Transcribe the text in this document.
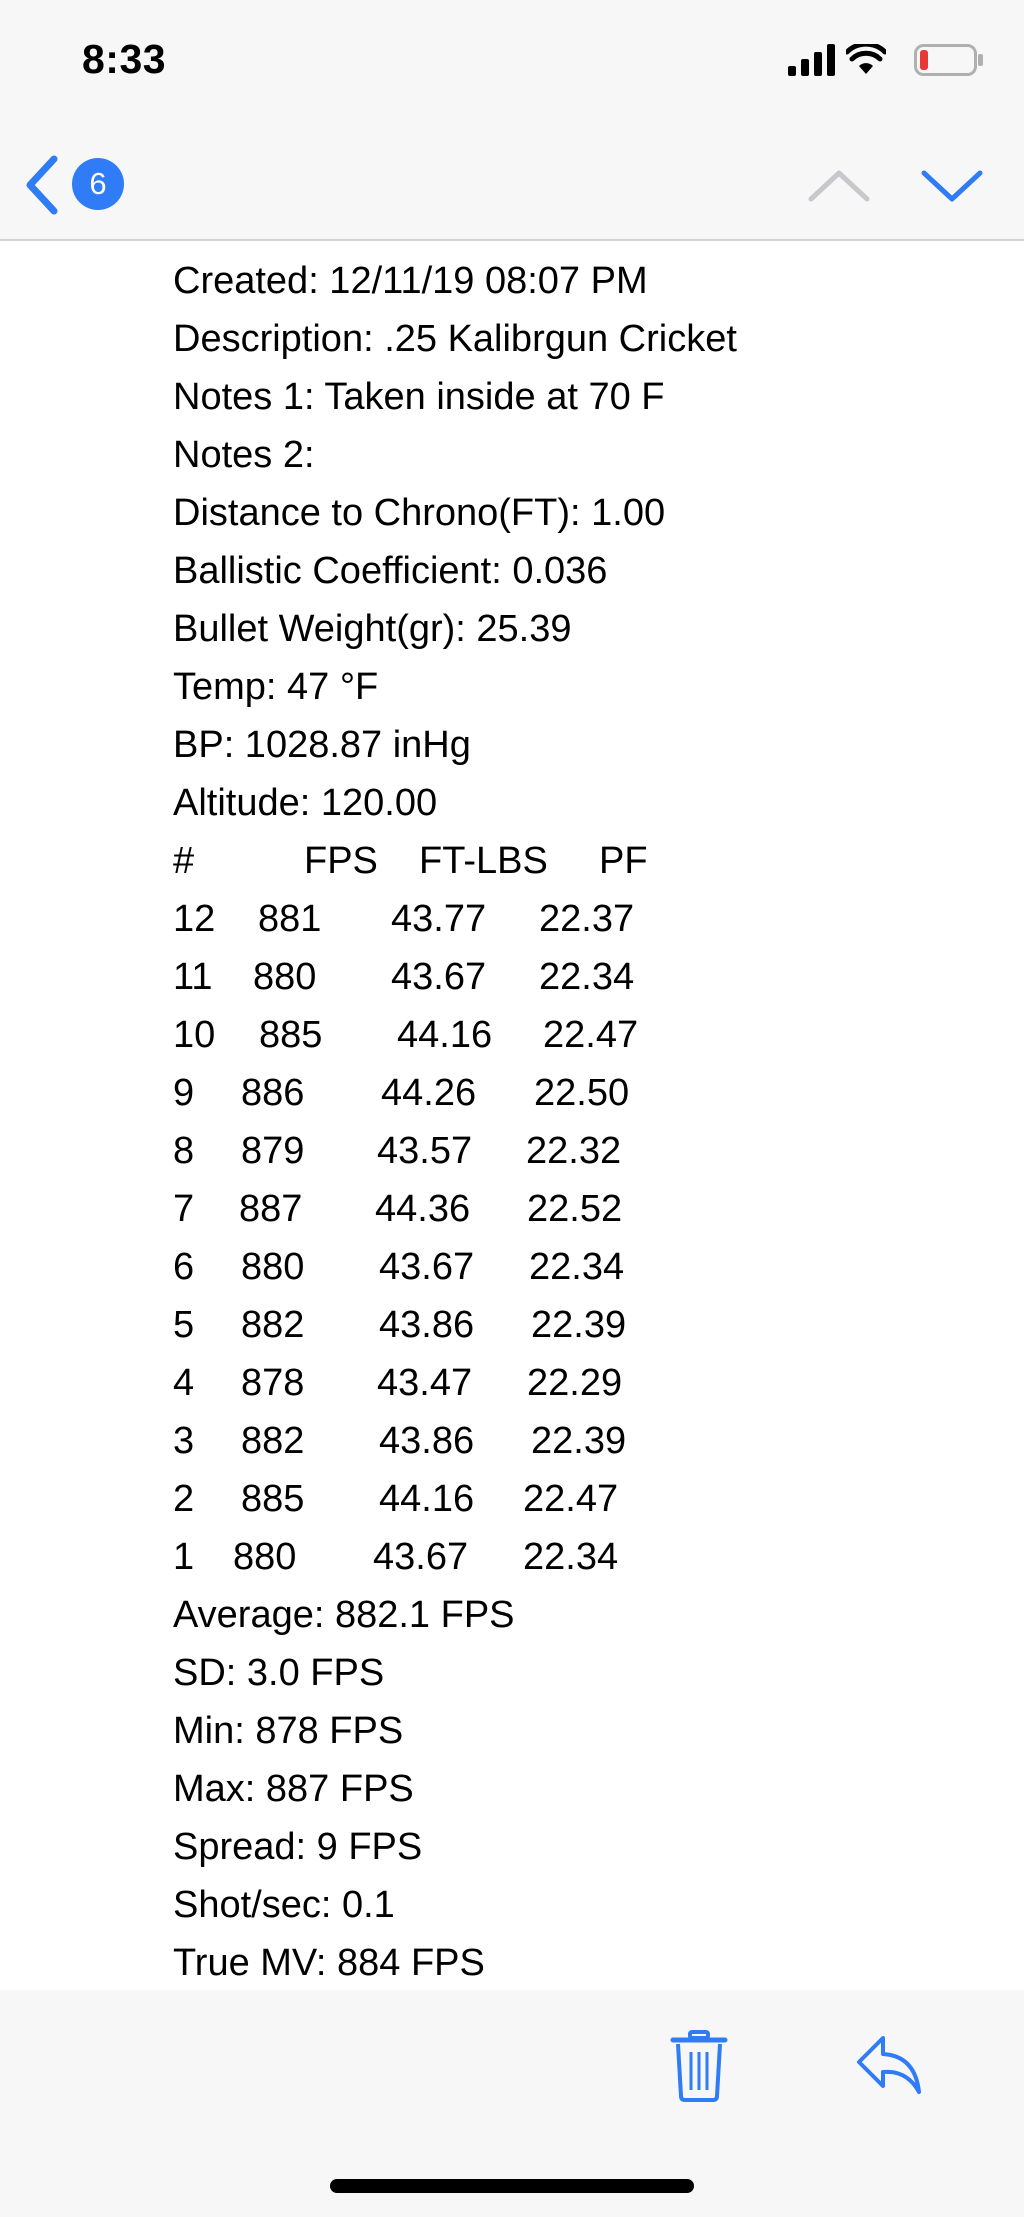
8:33
6
Created: 12/11/19 08:07 PM
Description: .25 Kalibrgun Cricket
Notes 1: Taken inside at 70 F
Notes 2:
Distance to Chrono(FT): 1.00
Ballistic Coefficient: 0.036
Bullet Weight(gr): 25.39
Temp: 47 °F
BP: 1028.87 inHg
Altitude: 120.00
#	FPS FT-LBS PF
12 881 43.77 22.37
11 880 43.67 22.34
10 885 44.16 22.47
9 886 44.26 22.50
8 879 43.57 22.32
7 887 44.36 22.52
6 880 43.67 22.34
5 882 43.86 22.39
4 878 43.47 22.29
3 882 43.86 22.39
2 885 44.16 22.47
1 880 43.67 22.34
Average: 882.1 FPS
SD: 3.0 FPS
Min: 878 FPS
Max: 887 FPS
Spread: 9 FPS
Shot/sec: 0.1
True MV: 884 FPS
